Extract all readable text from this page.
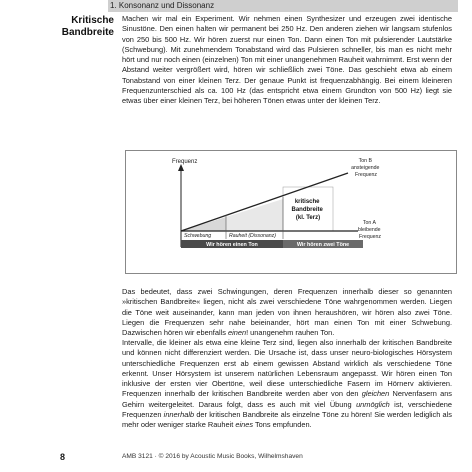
1. Konsonanz und Dissonanz
Kritische
Bandbreite

Machen wir mal ein Experiment. Wir nehmen einen Synthesizer und erzeugen zwei identische Sinustöne. Den einen halten wir permanent bei 250 Hz. Den anderen ziehen wir langsam stufenlos von 250 bis 500 Hz. Wir hören zuerst nur einen Ton. Dann einen Ton mit pulsierender Lautstärke (Schwebung). Mit zunehmendem Tonabstand wird das Pulsieren schneller, bis man es nicht mehr hört und nur noch einen (einzelnen) Ton mit einer unangenehmen Rauheit wahrnimmt. Erst wenn der Abstand weiter vergrößert wird, hören wir schließlich zwei Töne. Das geschieht etwa ab einem Tonabstand von einer kleinen Terz. Der genaue Punkt ist frequenzabhängig. Bei einem kleineren Frequenzunterschied als ca. 100 Hz (das entspricht etwa einem Grundton von 500 Hz) liegt sie etwas über einer kleinen Terz, bei höheren Tönen etwas unter der kleinen Terz.

Frequenz
Schwebung	Rauheit (Dissonanz)
kritische Bandbreite (kl. Terz)
Ton B ansteigende Frequenz
Ton A bleibende Frequenz
Wir hören einen Ton	Wir hören zwei Töne

Das bedeutet, dass zwei Schwingungen, deren Frequenzen innerhalb dieser so genannten »kritischen Bandbreite« liegen, nicht als zwei verschiedene Töne wahrgenommen werden. Liegen die Töne weit auseinander, kann man jeden von ihnen heraushören, wir hören also zwei Töne. Liegen die Frequenzen sehr nahe beieinander, hört man einen Ton mit einer Schwebung. Dazwischen hören wir ebenfalls einen! unangenehm rauhen Ton.

Intervalle, die kleiner als etwa eine kleine Terz sind, liegen also innerhalb der kritischen Bandbreite und können nicht differenziert werden. Die Ursache ist, dass unser neuro-biologisches Hörsystem unterschiedliche Frequenzen erst ab einem gewissen Abstand wirklich als verschiedene Töne erkennt. Unser Hörsystem ist unserem natürlichen Lebensraum angepasst. Wir hören einen Ton inklusive der ersten vier Obertöne, weil diese unterschiedliche Fasern im Hörnerv aktivieren. Frequenzen innerhalb der kritischen Bandbreite werden aber von den gleichen Nervenfasern ans Gehirn weitergeleitet. Daraus folgt, dass es auch mit viel Übung unmöglich ist, verschiedene Frequenzen innerhalb der kritischen Bandbreite als einzelne Töne zu hören! Sie werden lediglich als mehr oder weniger starke Rauheit eines Tons empfunden.

8	AMB 3121 · © 2016 by Acoustic Music Books, Wilhelmshaven
